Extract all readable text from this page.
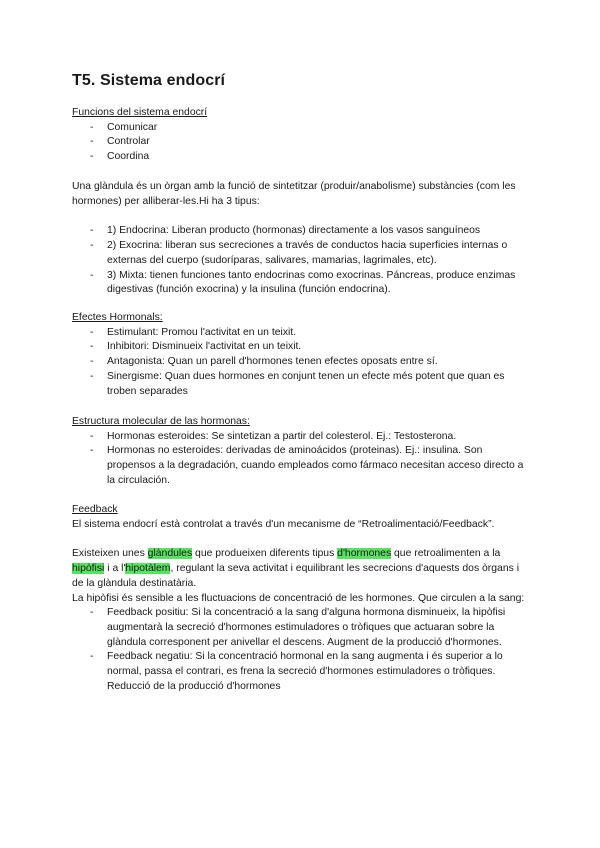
T5. Sistema endocrí

Funcions del sistema endocrí

- Comunicar
- Controlar
- Coordina

Una glàndula és un òrgan amb la funció de sintetitzar (produir/anabolisme) substàncies (com les hormones) per alliberar-les.Hi ha 3 tipus:

- 1) Endocrina: Liberan producto (hormonas) directamente a los vasos sanguíneos
- 2) Exocrina: liberan sus secreciones a través de conductos hacia superficies internas o externas del cuerpo (sudoríparas, salivares, mamarias, lagrimales, etc).
- 3) Mixta: tienen funciones tanto endocrinas como exocrinas. Páncreas, produce enzimas digestivas (función exocrina) y la insulina (función endocrina).

Efectes Hormonals:

- Estimulant: Promou l'activitat en un teixit.
- Inhibitori: Disminueix l'activitat en un teixit.
- Antagonista: Quan un parell d'hormones tenen efectes oposats entre sí.
- Sinergisme: Quan dues hormones en conjunt tenen un efecte més potent que quan es troben separades

Estructura molecular de las hormonas:

- Hormonas esteroides: Se sintetizan a partir del colesterol. Ej.: Testosterona.
- Hormonas no esteroides: derivadas de aminoácidos (proteinas). Ej.: insulina. Son propensos a la degradación, cuando empleados como fármaco necesitan acceso directo a la circulación.

Feedback

El sistema endocrí està controlat a través d'un mecanisme de “Retroalimentació/Feedback”.

Existeixen unes glàndules que produeixen diferents tipus d'hormones que retroalimenten a la hipòfisi i a l'hipotàlem, regulant la seva activitat i equilibrant les secrecions d'aquests dos òrgans i de la glàndula destinatària.

La hipòfisi és sensible a les fluctuacions de concentració de les hormones. Que circulen a la sang:

- Feedback positiu: Si la concentració a la sang d'alguna hormona disminueix, la hipòfisi augmentarà la secreció d'hormones estimuladores o tròfiques que actuaran sobre la glàndula corresponent per anivellar el descens. Augment de la producció d'hormones.
- Feedback negatiu: Si la concentració hormonal en la sang augmenta i és superior a lo normal, passa el contrari, es frena la secreció d'hormones estimuladores o tròfiques. Reducció de la producció d'hormones
